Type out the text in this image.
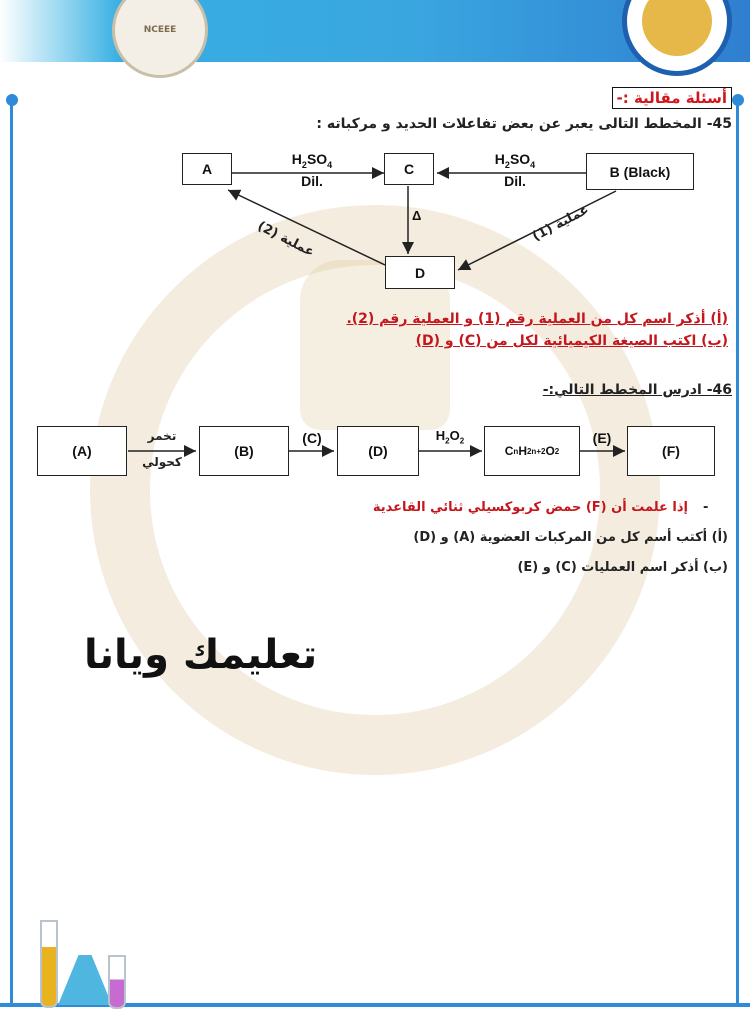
NCEEE
أسئلة مقالية :-
45- المخطط التالى يعبر عن بعض تفاعلات الحديد و مركباته :
A	C	B (Black)
D
$H_2SO_4$
Dil.
$H_2SO_4$
Dil.
Δ
عملية (2)	عملية (1)
(أ) أذكر اسم كل من العملية رقم (1) و العملية رقم (2).
(ب) اكتب الصيغة الكيميائية لكل من (C) و (D)
46- ادرس المخطط التالي:-
(A)	(B)	(D)	C n H 2n+2 O 2	(F)
تخمر
كحولي
(C)	$H_2O_2$	(E)
-
إذا علمت أن (F) حمض كربوكسيلي ثنائي القاعدية
(أ) أكتب أسم كل من المركبات العضوية (A) و (D)
(ب) أذكر اسم العمليات (C) و (E)
تعليمك ويانا
